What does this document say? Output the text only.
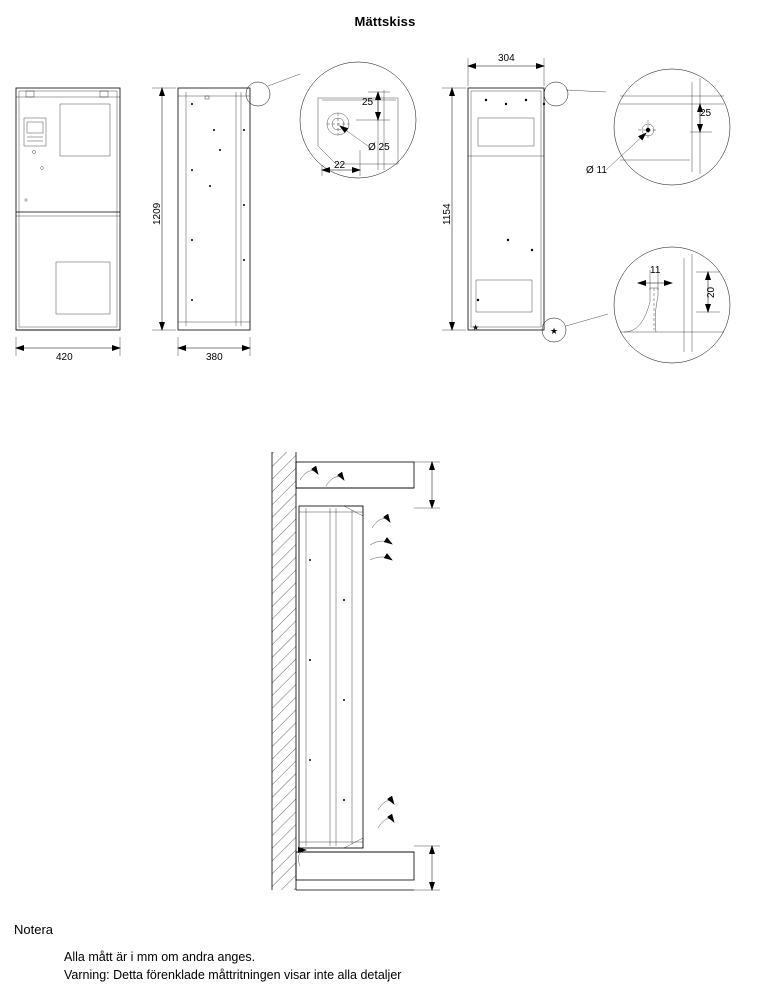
Mättskiss
★	★
420
1209
380
25
Ø 25
22
304
1154
25
Ø 11
11
20
Notera
Alla mått är i mm om andra anges.
Varning: Detta förenklade måttritningen visar inte alla detaljer
